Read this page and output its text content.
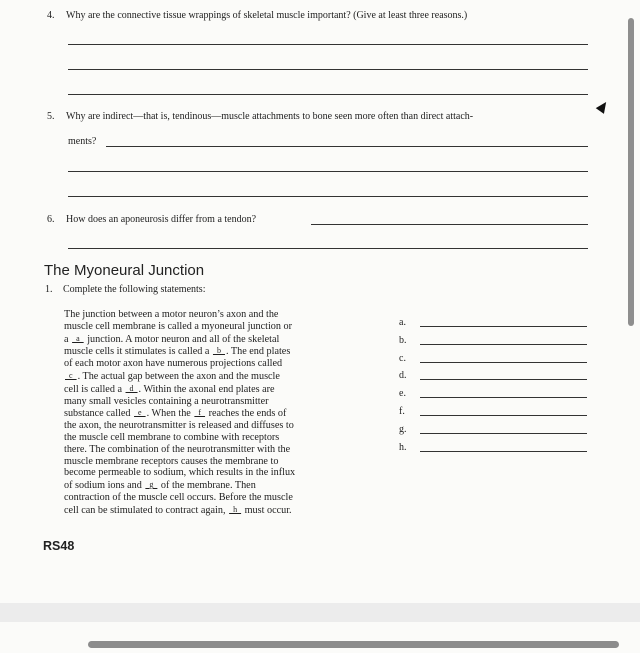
4. Why are the connective tissue wrappings of skeletal muscle important? (Give at least three reasons.)
5. Why are indirect—that is, tendinous—muscle attachments to bone seen more often than direct attach-
ments?
6. How does an aponeurosis differ from a tendon?
The Myoneural Junction
1. Complete the following statements:
The junction between a motor neuron’s axon and the
muscle cell membrane is called a myoneural junction or
a  a  junction. A motor neuron and all of the skeletal
muscle cells it stimulates is called a  b . The end plates
of each motor axon have numerous projections called
 c . The actual gap between the axon and the muscle
cell is called a  d . Within the axonal end plates are
many small vesicles containing a neurotransmitter
substance called  e . When the  f  reaches the ends of
the axon, the neurotransmitter is released and diffuses to
the muscle cell membrane to combine with receptors
there. The combination of the neurotransmitter with the
muscle membrane receptors causes the membrane to
become permeable to sodium, which results in the influx
of sodium ions and  g  of the membrane. Then
contraction of the muscle cell occurs. Before the muscle
cell can be stimulated to contract again,  h  must occur.
a.
b.
c.
d.
e.
f.
g.
h.
RS48
